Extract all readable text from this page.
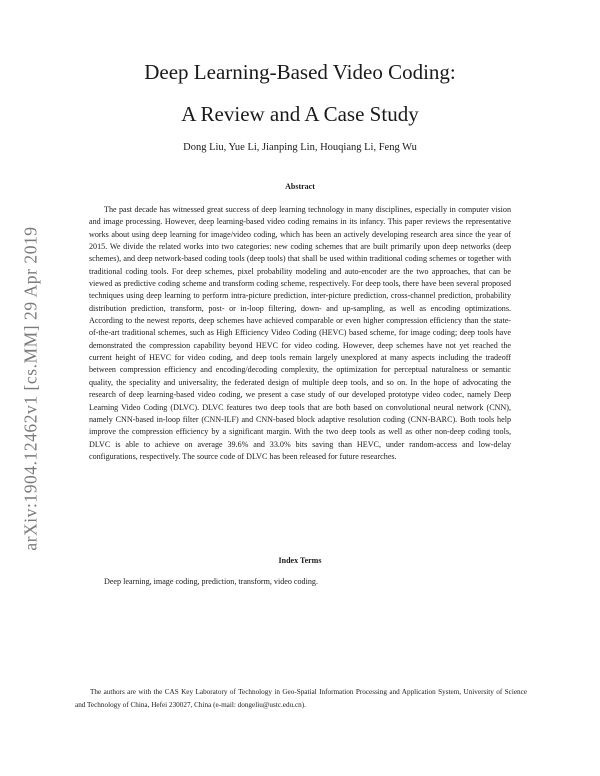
arXiv:1904.12462v1 [cs.MM] 29 Apr 2019
Deep Learning-Based Video Coding:
A Review and A Case Study
Dong Liu, Yue Li, Jianping Lin, Houqiang Li, Feng Wu
Abstract

The past decade has witnessed great success of deep learning technology in many disciplines, especially in computer vision and image processing. However, deep learning-based video coding remains in its infancy. This paper reviews the representative works about using deep learning for image/video coding, which has been an actively developing research area since the year of 2015. We divide the related works into two categories: new coding schemes that are built primarily upon deep networks (deep schemes), and deep network-based coding tools (deep tools) that shall be used within traditional coding schemes or together with traditional coding tools. For deep schemes, pixel probability modeling and auto-encoder are the two approaches, that can be viewed as predictive coding scheme and transform coding scheme, respectively. For deep tools, there have been several proposed techniques using deep learning to perform intra-picture prediction, inter-picture prediction, cross-channel prediction, probability distribution prediction, transform, post- or in-loop filtering, down- and up-sampling, as well as encoding optimizations. According to the newest reports, deep schemes have achieved comparable or even higher compression efficiency than the state-of-the-art traditional schemes, such as High Efficiency Video Coding (HEVC) based scheme, for image coding; deep tools have demonstrated the compression capability beyond HEVC for video coding. However, deep schemes have not yet reached the current height of HEVC for video coding, and deep tools remain largely unexplored at many aspects including the tradeoff between compression efficiency and encoding/decoding complexity, the optimization for perceptual naturalness or semantic quality, the speciality and universality, the federated design of multiple deep tools, and so on. In the hope of advocating the research of deep learning-based video coding, we present a case study of our developed prototype video codec, namely Deep Learning Video Coding (DLVC). DLVC features two deep tools that are both based on convolutional neural network (CNN), namely CNN-based in-loop filter (CNN-ILF) and CNN-based block adaptive resolution coding (CNN-BARC). Both tools help improve the compression efficiency by a significant margin. With the two deep tools as well as other non-deep coding tools, DLVC is able to achieve on average 39.6% and 33.0% bits saving than HEVC, under random-access and low-delay configurations, respectively. The source code of DLVC has been released for future researches.

Index Terms

Deep learning, image coding, prediction, transform, video coding.

The authors are with the CAS Key Laboratory of Technology in Geo-Spatial Information Processing and Application System, University of Science and Technology of China, Hefei 230027, China (e-mail: dongeliu@ustc.edu.cn).
